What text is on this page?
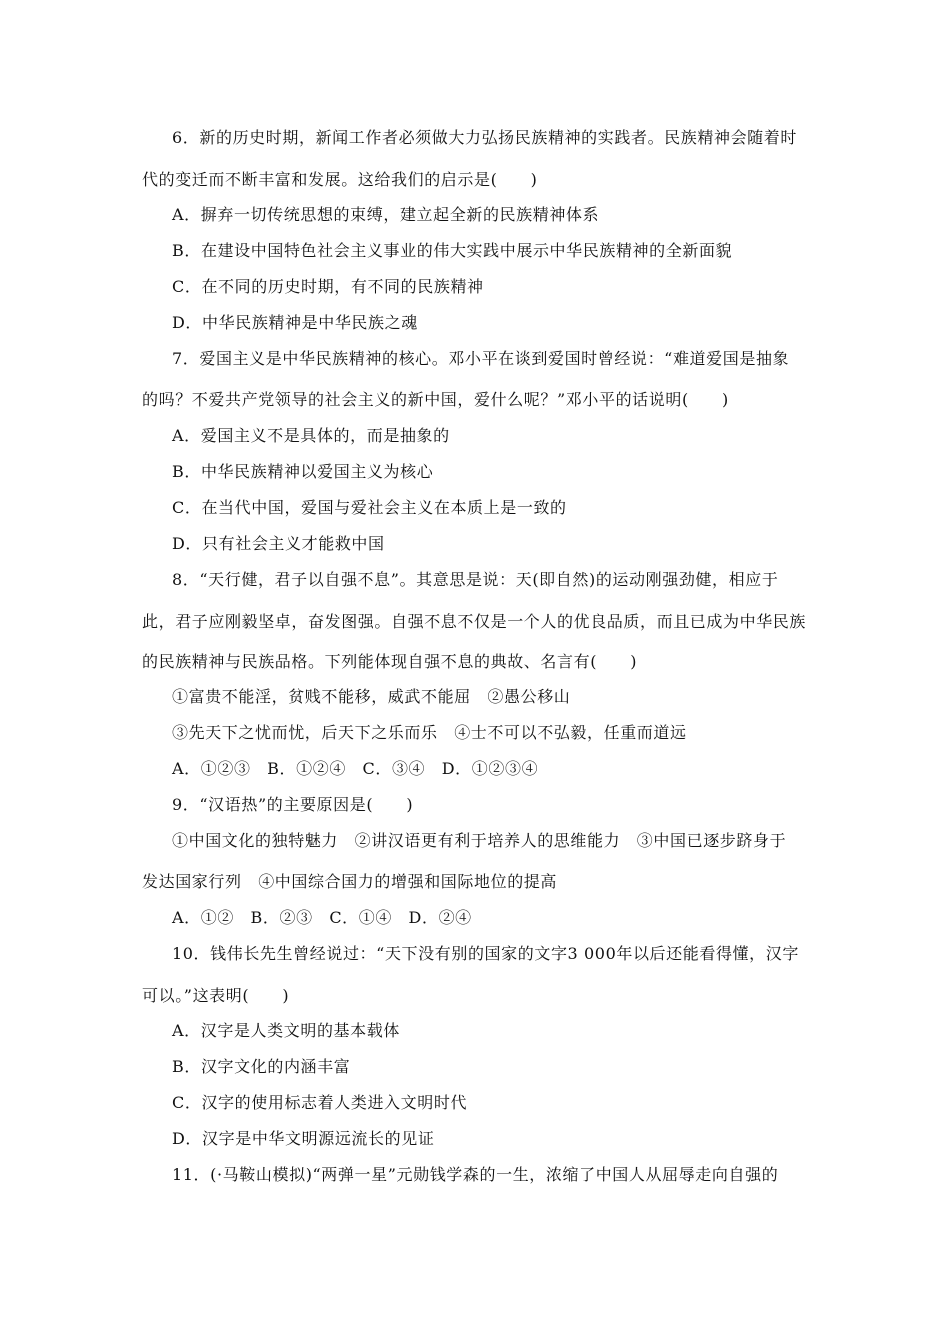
6．新的历史时期，新闻工作者必须做大力弘扬民族精神的实践者。民族精神会随着时
代的变迁而不断丰富和发展。这给我们的启示是(　　)
A．摒弃一切传统思想的束缚，建立起全新的民族精神体系
B．在建设中国特色社会主义事业的伟大实践中展示中华民族精神的全新面貌
C．在不同的历史时期，有不同的民族精神
D．中华民族精神是中华民族之魂
7．爱国主义是中华民族精神的核心。邓小平在谈到爱国时曾经说：“难道爱国是抽象
的吗？不爱共产党领导的社会主义的新中国，爱什么呢？”邓小平的话说明(　　)
A．爱国主义不是具体的，而是抽象的
B．中华民族精神以爱国主义为核心
C．在当代中国，爱国与爱社会主义在本质上是一致的
D．只有社会主义才能救中国
8．“天行健，君子以自强不息”。其意思是说：天(即自然)的运动刚强劲健，相应于
此，君子应刚毅坚卓，奋发图强。自强不息不仅是一个人的优良品质，而且已成为中华民族
的民族精神与民族品格。下列能体现自强不息的典故、名言有(　　)
①富贵不能淫，贫贱不能移，威武不能屈　②愚公移山
③先天下之忧而忧，后天下之乐而乐　④士不可以不弘毅，任重而道远
A．①②③　B．①②④　C．③④　D．①②③④
9．“汉语热”的主要原因是(　　)
①中国文化的独特魅力　②讲汉语更有利于培养人的思维能力　③中国已逐步跻身于
发达国家行列　④中国综合国力的增强和国际地位的提高
A．①②　B．②③　C．①④　D．②④
10．钱伟长先生曾经说过：“天下没有别的国家的文字3 000年以后还能看得懂，汉字
可以。”这表明(　　)
A．汉字是人类文明的基本载体
B．汉字文化的内涵丰富
C．汉字的使用标志着人类进入文明时代
D．汉字是中华文明源远流长的见证
11．(·马鞍山模拟)“两弹一星”元勋钱学森的一生，浓缩了中国人从屈辱走向自强的
